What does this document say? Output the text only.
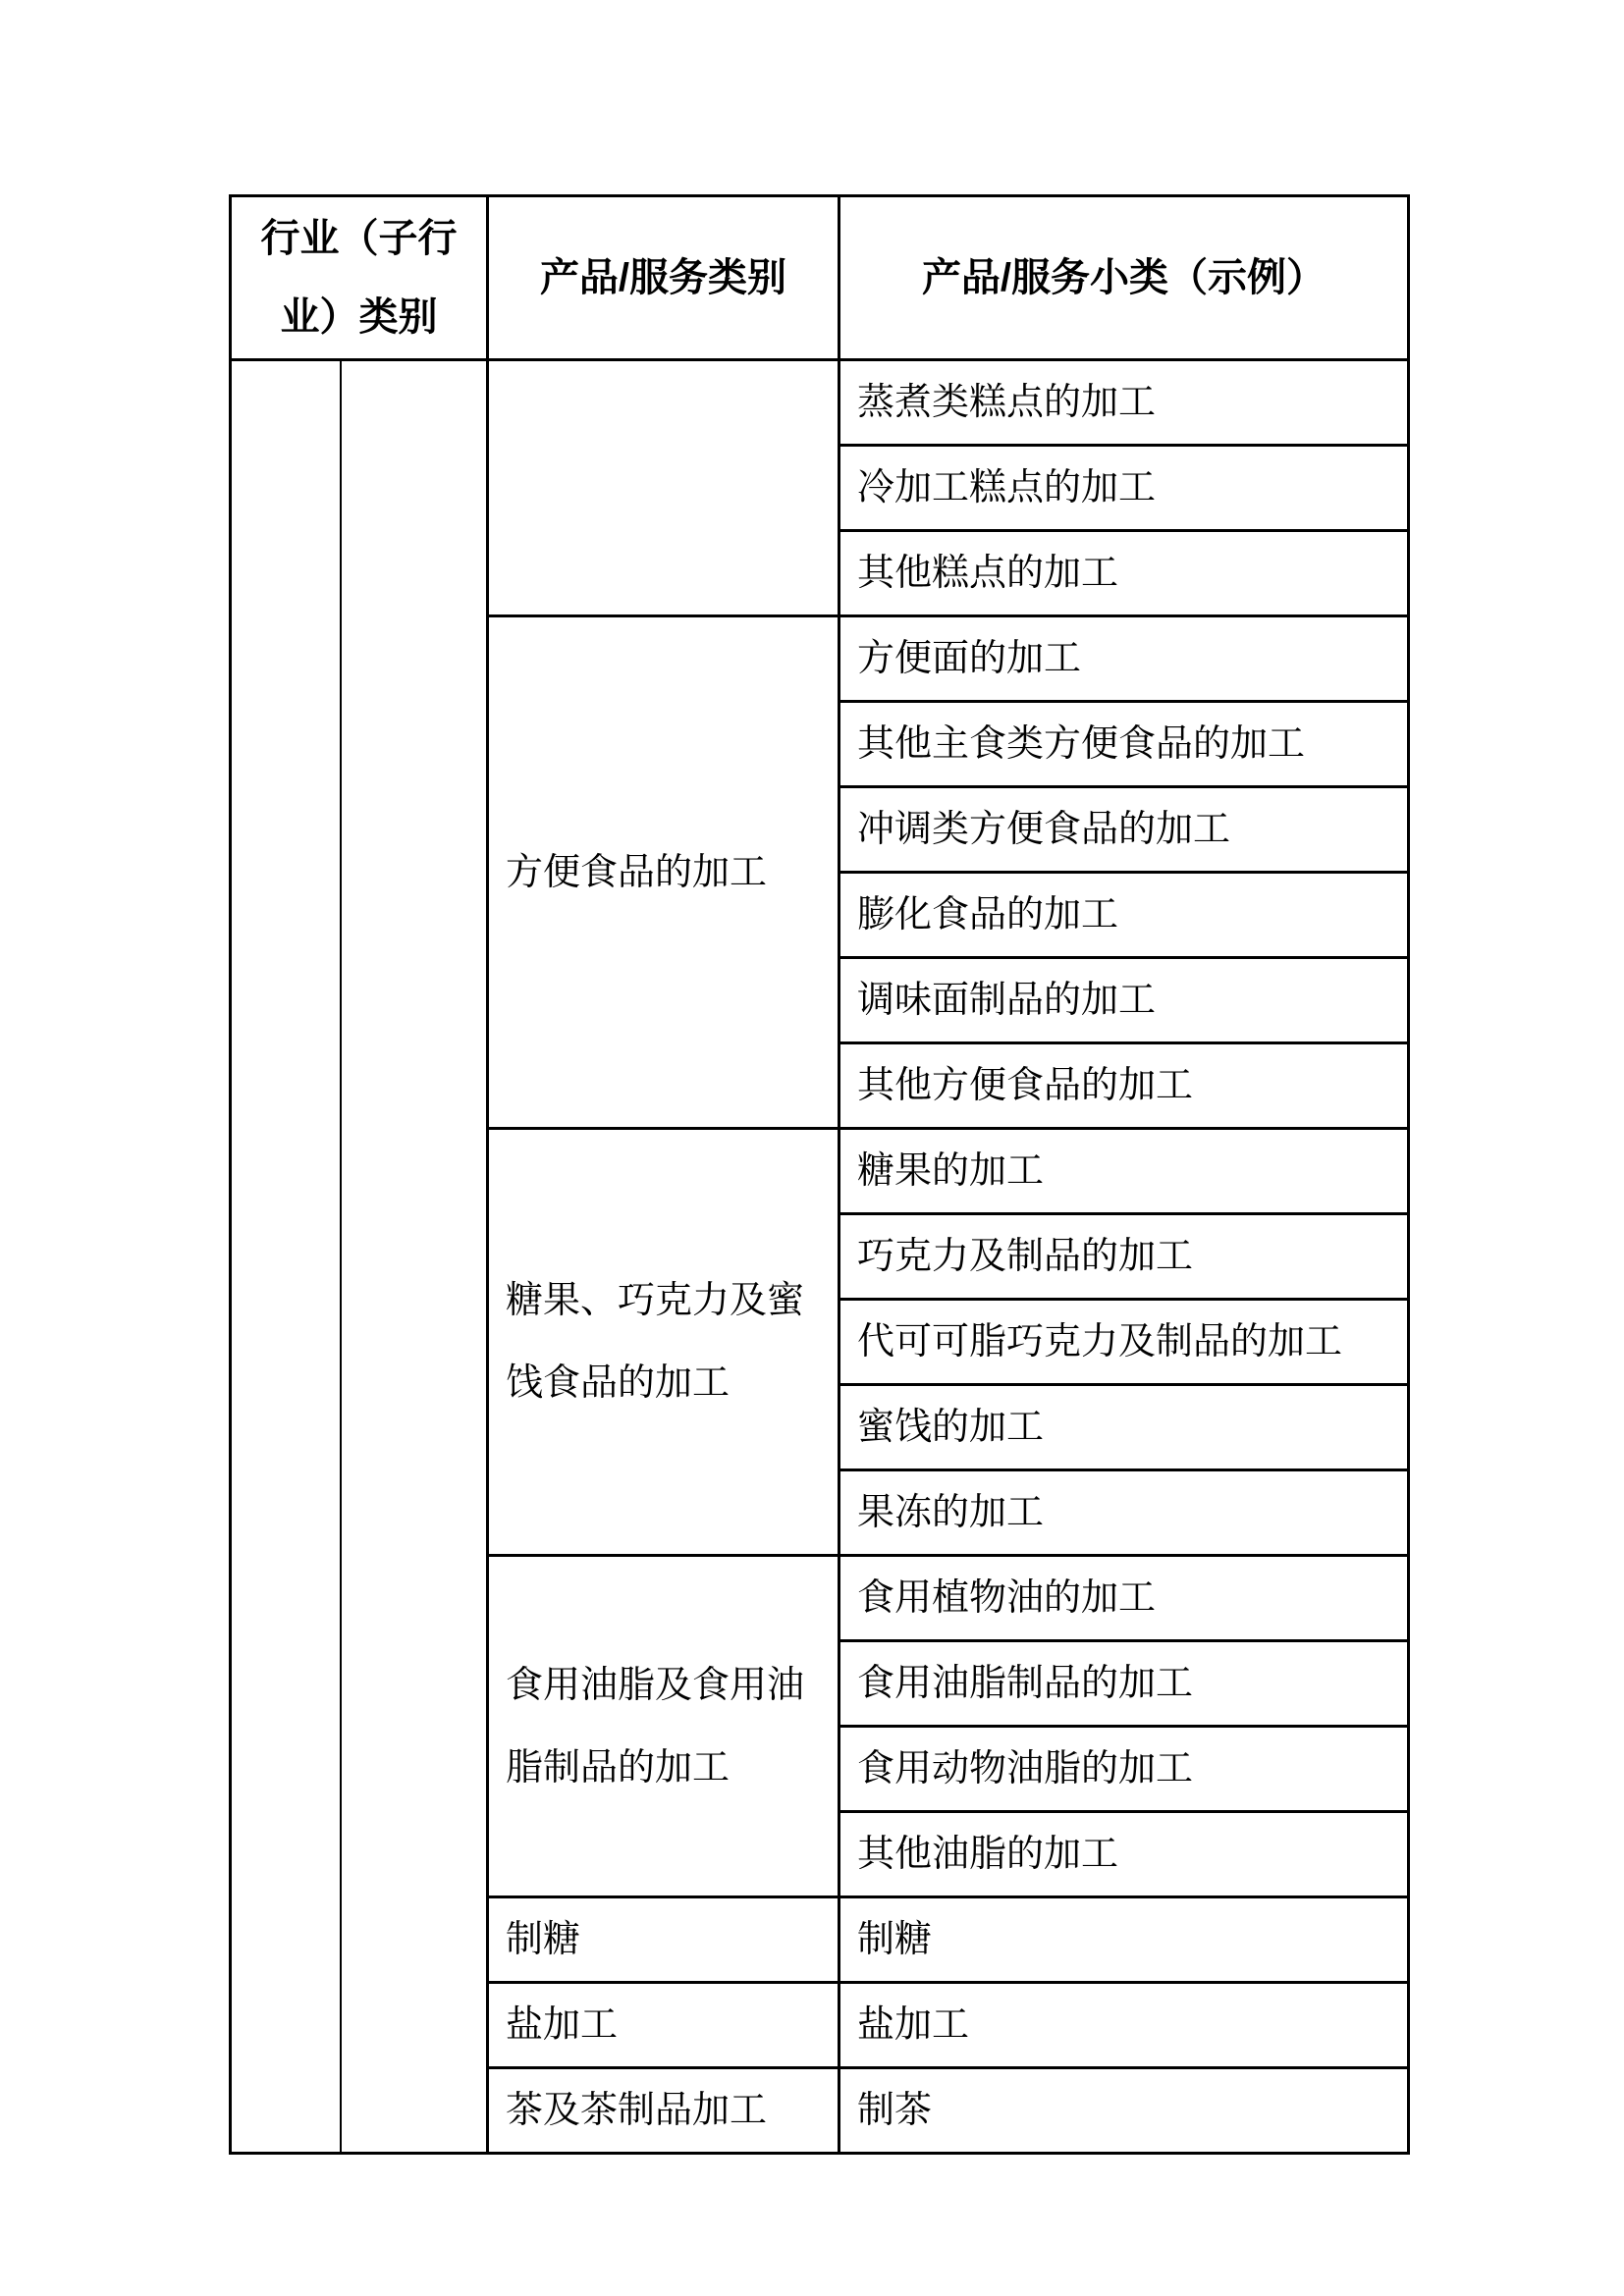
行业（子行业）类别		产品/服务类别	产品/服务小类（示例）

			蒸煮类糕点的加工

			冷加工糕点的加工

			其他糕点的加工

		方便食品的加工	方便面的加工

			其他主食类方便食品的加工

			冲调类方便食品的加工

			膨化食品的加工

			调味面制品的加工

			其他方便食品的加工

		糖果、巧克力及蜜饯食品的加工	糖果的加工

			巧克力及制品的加工

			代可可脂巧克力及制品的加工

			蜜饯的加工

			果冻的加工

		食用油脂及食用油脂制品的加工	食用植物油的加工

			食用油脂制品的加工

			食用动物油脂的加工

			其他油脂的加工

		制糖	制糖

		盐加工	盐加工

		茶及茶制品加工	制茶
